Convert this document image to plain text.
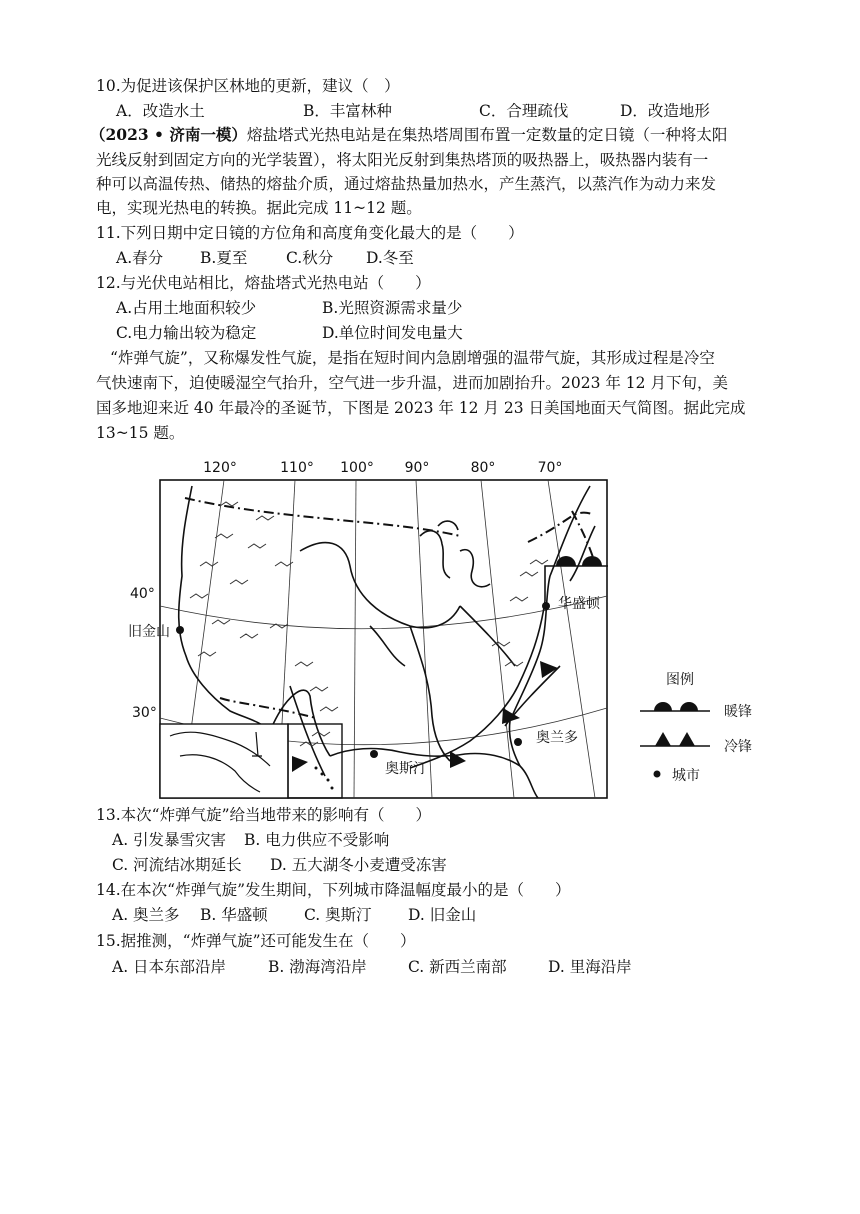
10.为促进该保护区林地的更新，建议（　）
A．改造水土
（2023 • 济南一模）熔盐塔式光热电站是在集热塔周围布置一定数量的定日镜（一种将太阳
光线反射到固定方向的光学装置），将太阳光反射到集热塔顶的吸热器上，吸热器内装有一
种可以高温传热、储热的熔盐介质，通过熔盐热量加热水，产生蒸汽，以蒸汽作为动力来发
电，实现光热电的转换。据此完成 11~12 题。
11.下列日期中定日镜的方位角和高度角变化最大的是（　　）
A.春分 B.夏至 C.秋分 D.冬至
12.与光伏电站相比，熔盐塔式光热电站（　　）
A.占用土地面积较少	B.光照资源需求量少
C.电力输出较为稳定	D.单位时间发电量大
“炸弹气旋”，又称爆发性气旋，是指在短时间内急剧增强的温带气旋，其形成过程是冷空
气快速南下，迫使暖湿空气抬升，空气进一步升温，进而加剧抬升。2023 年 12 月下旬，美
国多地迎来近 40 年最冷的圣诞节，下图是 2023 年 12 月 23 日美国地面天气简图。据此完成
13~15 题。
120°	110° 100° 90°	80°	70°
40°
30°
旧金山
华盛顿
奥兰多
奥斯汀
图例
暖锋
冷锋
城市
13.本次“炸弹气旋”给当地带来的影响有（　　）
A. 引发暴雪灾害 B. 电力供应不受影响
C. 河流结冰期延长 D. 五大湖冬小麦遭受冻害
14.在本次“炸弹气旋”发生期间，下列城市降温幅度最小的是（　　）
A. 奥兰多 B. 华盛顿 C. 奥斯汀 D. 旧金山
15.据推测，“炸弹气旋”还可能发生在（　　）
A. 日本东部沿岸	B. 渤海湾沿岸	C. 新西兰南部	D. 里海沿岸
B．丰富林种	C．合理疏伐	D．改造地形
